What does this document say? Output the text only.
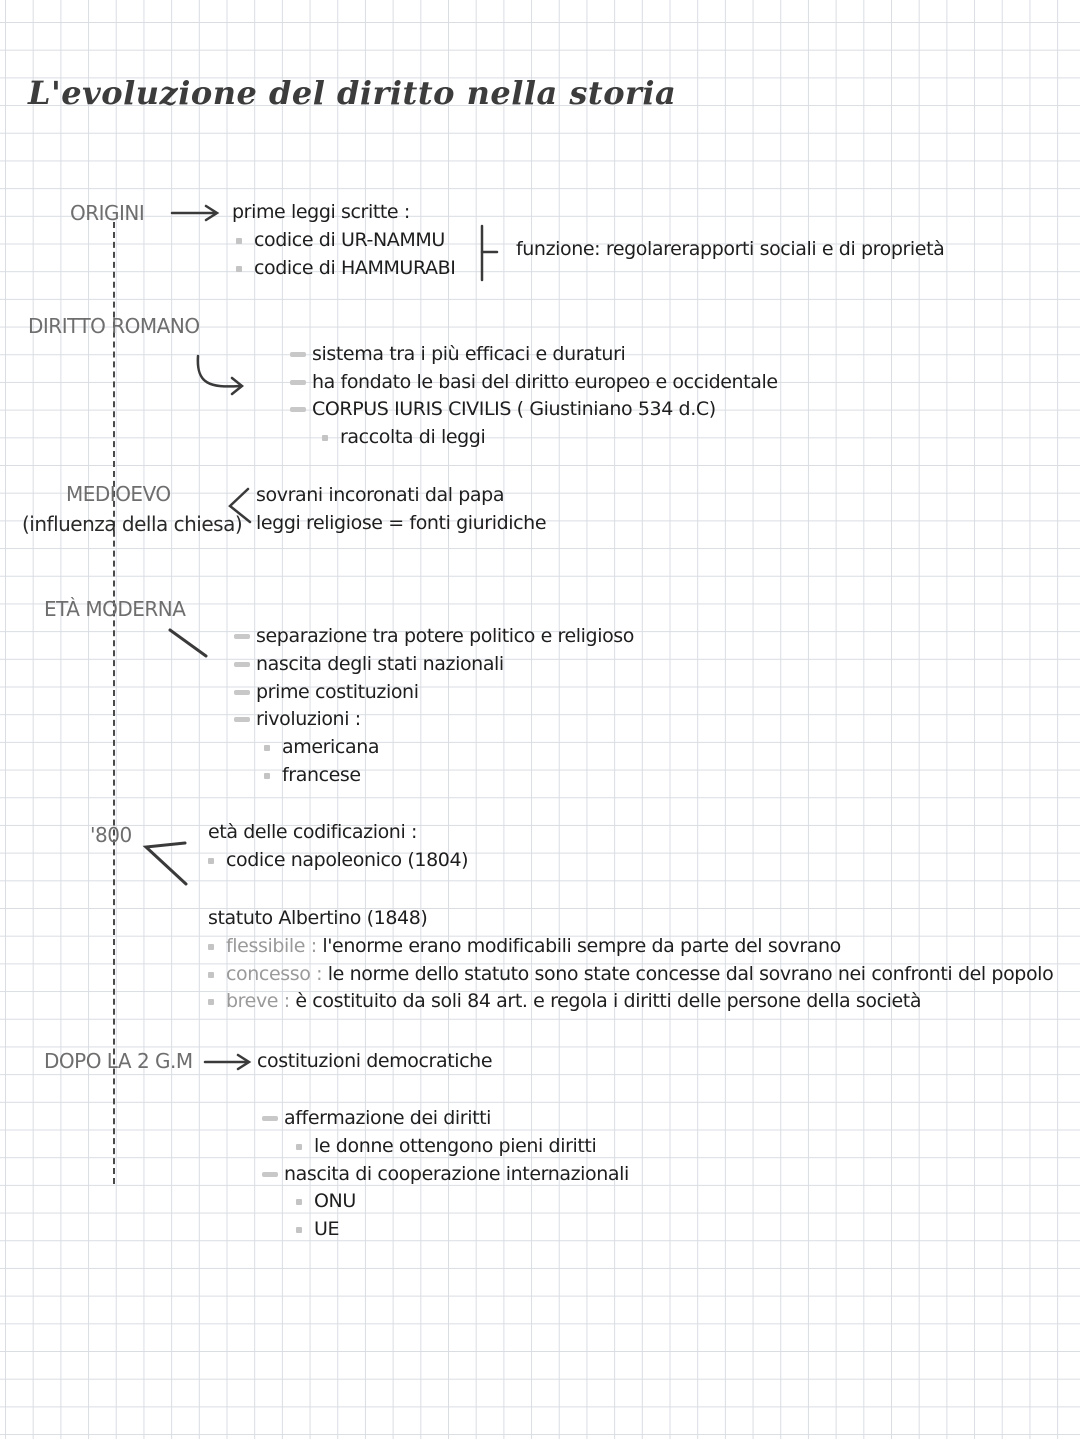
L'evoluzione del diritto nella storia
ORIGINI	prime leggi scritte :
codice di UR-NAMMU
codice di HAMMURABI
funzione: regolarerapporti sociali e di proprietà
DIRITTO ROMANO
sistema tra i più efficaci e duraturi
ha fondato le basi del diritto europeo e occidentale
CORPUS IURIS CIVILIS ( Giustiniano 534 d.C)
raccolta di leggi
MEDIOEVO
(influenza della chiesa)
sovrani incoronati dal papa
leggi religiose = fonti giuridiche
ETÀ MODERNA
separazione tra potere politico e religioso
nascita degli stati nazionali
prime costituzioni
rivoluzioni :
americana
francese
'800	età delle codificazioni :
codice napoleonico (1804)
statuto Albertino (1848)
flessibile : l'enorme erano modificabili sempre da parte del sovrano
concesso : le norme dello statuto sono state concesse dal sovrano nei confronti del popolo
breve : è costituito da soli 84 art. e regola i diritti delle persone della società
DOPO LA 2 G.M	costituzioni democratiche
affermazione dei diritti
le donne ottengono pieni diritti
nascita di cooperazione internazionali
ONU
UE
